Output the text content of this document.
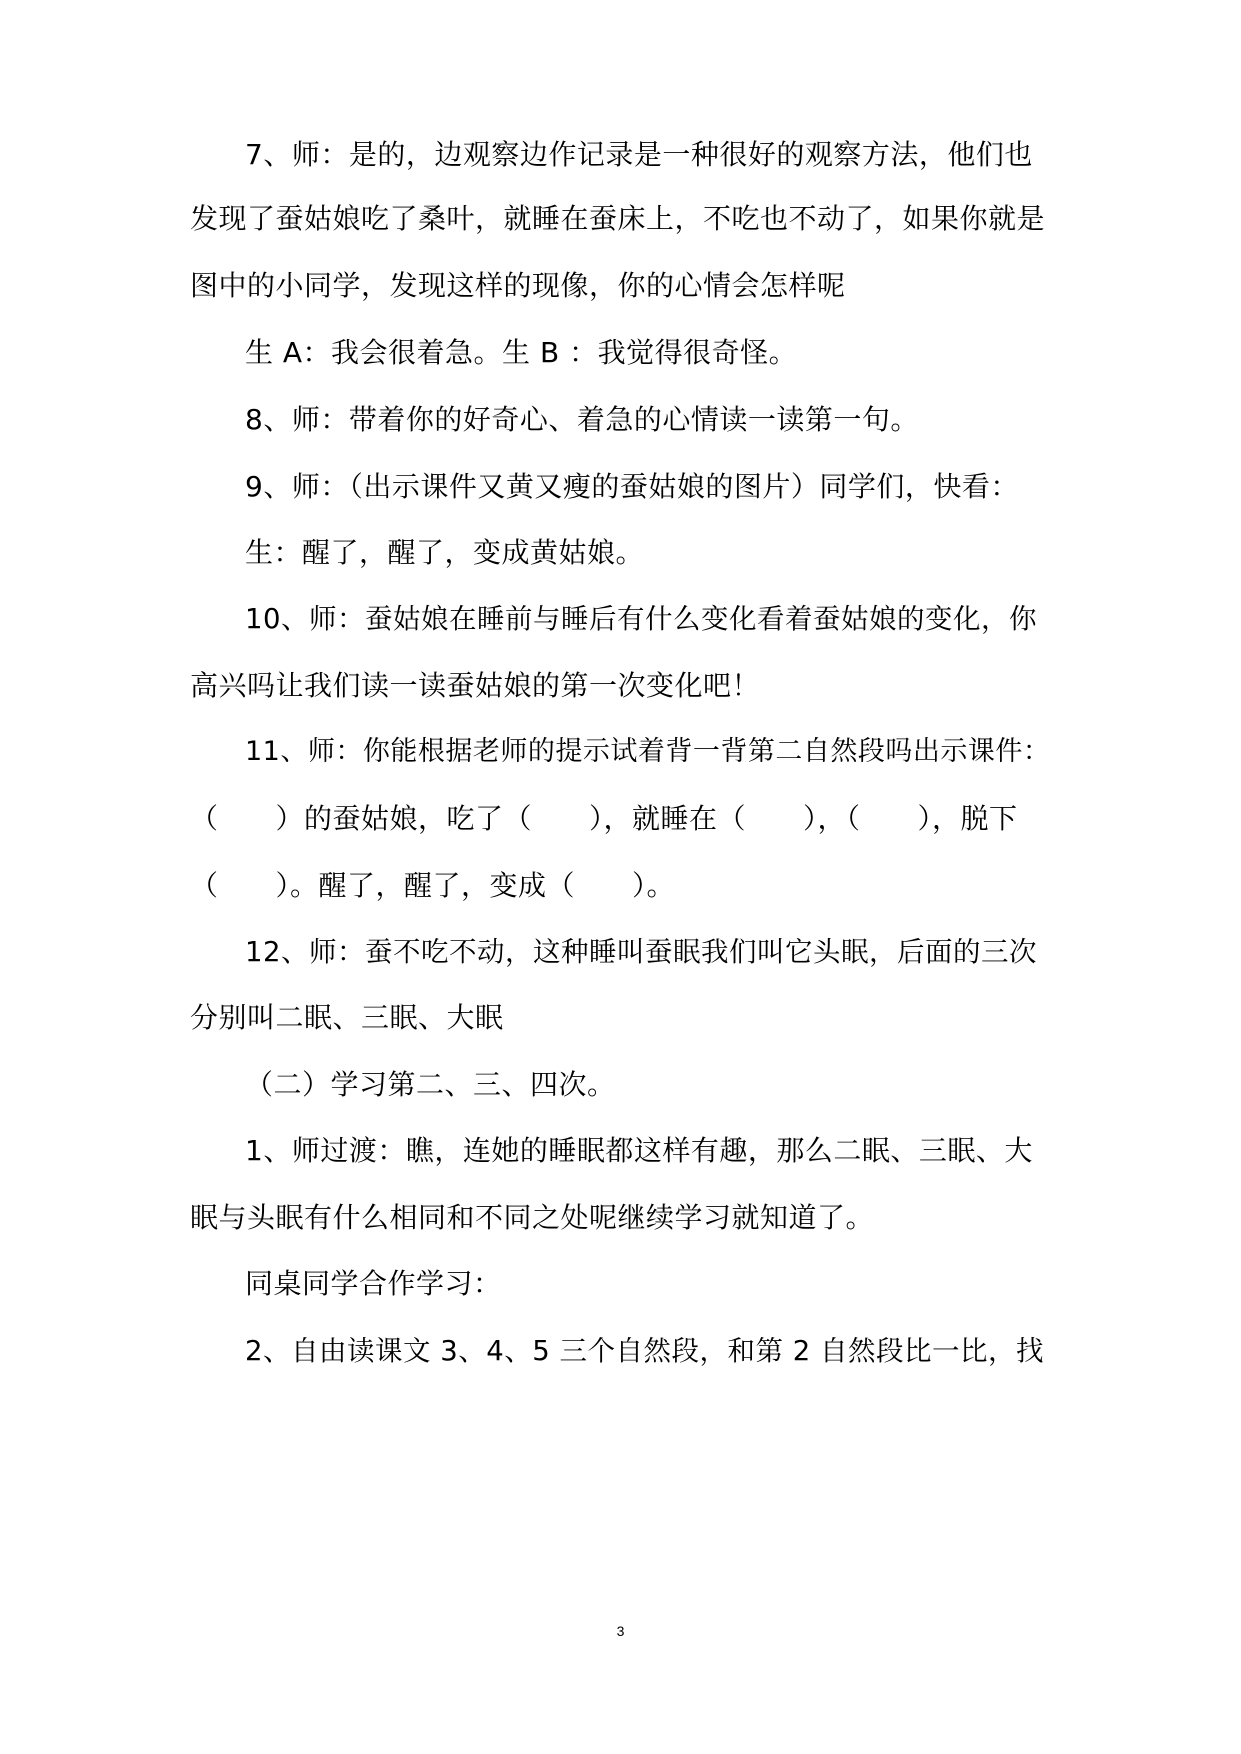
7、师：是的，边观察边作记录是一种很好的观察方法，他们也
发现了蚕姑娘吃了桑叶，就睡在蚕床上，不吃也不动了，如果你就是
图中的小同学，发现这样的现像，你的心情会怎样呢
生 A：我会很着急。生 B ：我觉得很奇怪。
8、师：带着你的好奇心、着急的心情读一读第一句。
9、师：（出示课件又黄又瘦的蚕姑娘的图片）同学们，快看：
生：醒了，醒了，变成黄姑娘。
10、师：蚕姑娘在睡前与睡后有什么变化看着蚕姑娘的变化，你
高兴吗让我们读一读蚕姑娘的第一次变化吧！
11、师：你能根据老师的提示试着背一背第二自然段吗出示课件：
（　　）的蚕姑娘，吃了（　　），就睡在（　　），（　　），脱下
（　　）。醒了，醒了，变成（　　）。
12、师：蚕不吃不动，这种睡叫蚕眠我们叫它头眠，后面的三次
分别叫二眠、三眠、大眠
（二）学习第二、三、四次。
1、师过渡：瞧，连她的睡眠都这样有趣，那么二眠、三眠、大
眠与头眠有什么相同和不同之处呢继续学习就知道了。
同桌同学合作学习：
2、自由读课文 3、4、5 三个自然段，和第 2 自然段比一比，找
3
